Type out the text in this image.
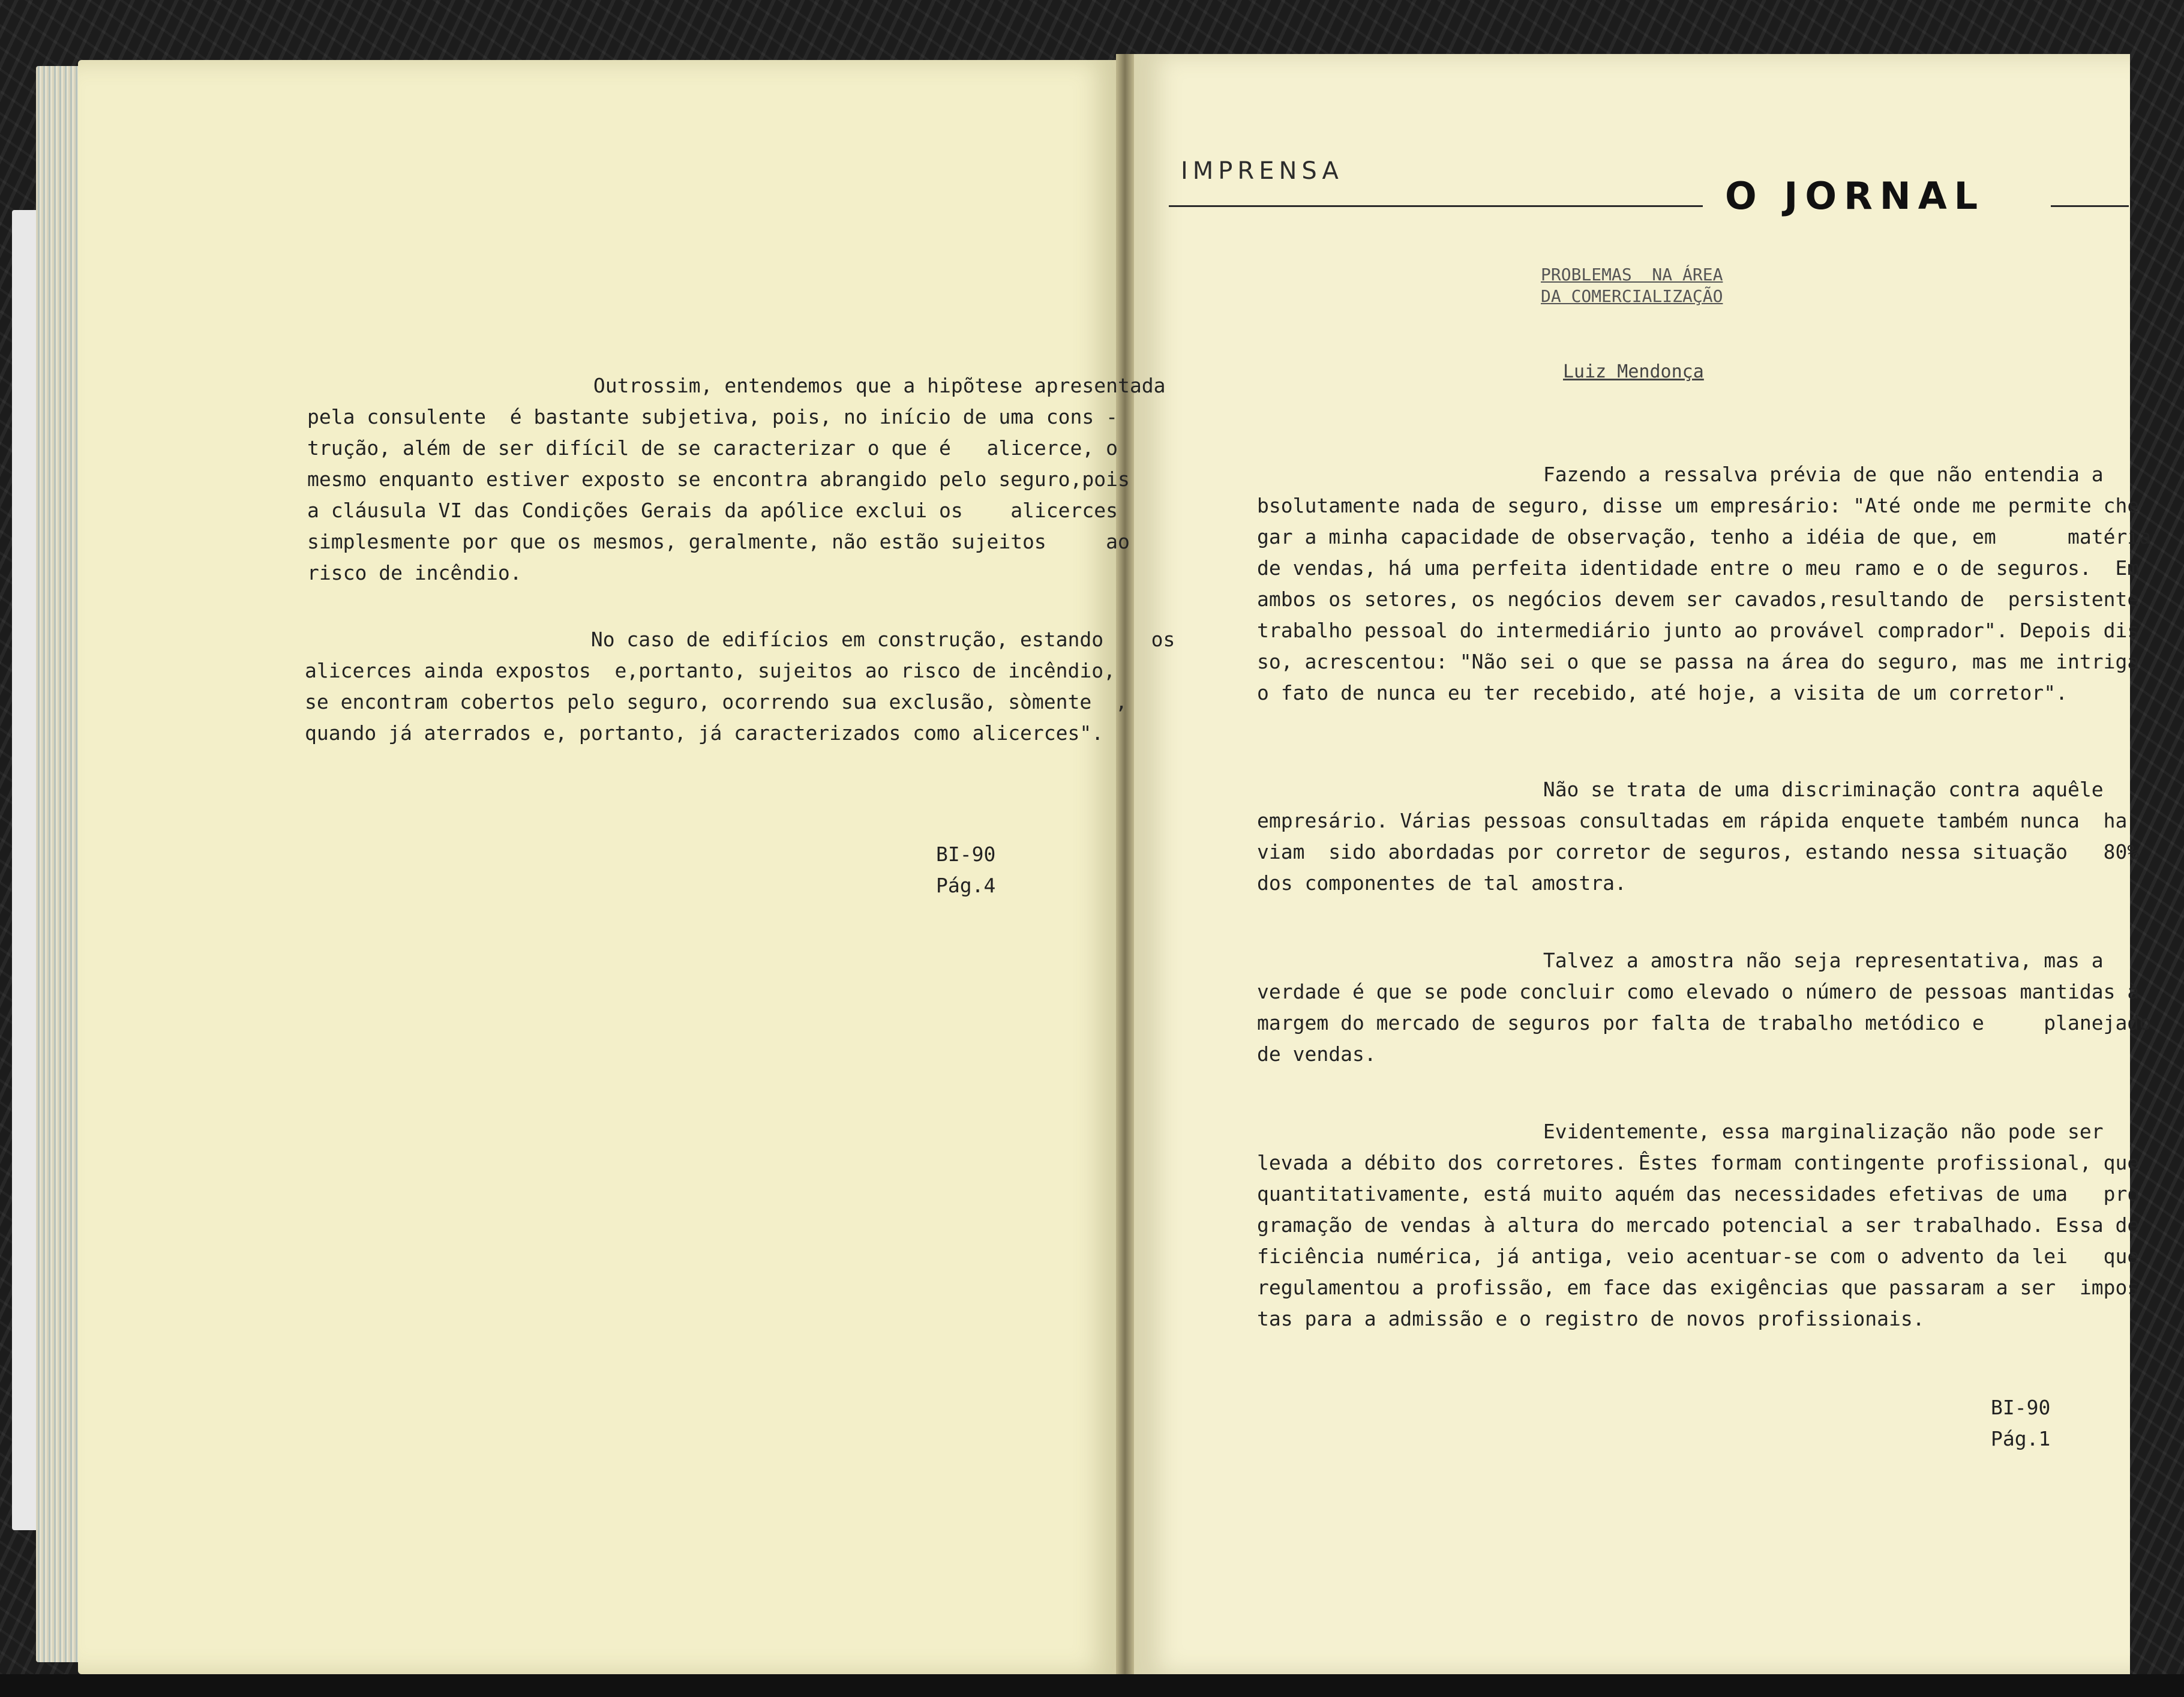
Outrossim, entendemos que a hipõtese apresentada
pela consulente  é bastante subjetiva, pois, no início de uma cons -
trução, além de ser difícil de se caracterizar o que é   alicerce, o
mesmo enquanto estiver exposto se encontra abrangido pelo seguro,pois
a cláusula VI das Condições Gerais da apólice exclui os    alicerces
simplesmente por que os mesmos, geralmente, não estão sujeitos     ao
risco de incêndio.
No caso de edifícios em construção, estando    os
alicerces ainda expostos  e,portanto, sujeitos ao risco de incêndio,
se encontram cobertos pelo seguro, ocorrendo sua exclusão, sòmente  ,
quando já aterrados e, portanto, já caracterizados como alicerces".
BI-90
Pág.4
IMPRENSA
O JORNAL
PROBLEMAS  NA ÁREA
DA COMERCIALIZAÇÃO
Luiz Mendonça
Fazendo a ressalva prévia de que não entendia a
bsolutamente nada de seguro, disse um empresário: "Até onde me permite che
gar a minha capacidade de observação, tenho a idéia de que, em      matéria
de vendas, há uma perfeita identidade entre o meu ramo e o de seguros.  Em
ambos os setores, os negócios devem ser cavados,resultando de  persistente
trabalho pessoal do intermediário junto ao provável comprador". Depois dis
so, acrescentou: "Não sei o que se passa na área do seguro, mas me intriga
o fato de nunca eu ter recebido, até hoje, a visita de um corretor".
Não se trata de uma discriminação contra aquêle
empresário. Várias pessoas consultadas em rápida enquete também nunca  ha
viam  sido abordadas por corretor de seguros, estando nessa situação   80%
dos componentes de tal amostra.
Talvez a amostra não seja representativa, mas a
verdade é que se pode concluir como elevado o número de pessoas mantidas à
margem do mercado de seguros por falta de trabalho metódico e     planejado
de vendas.
Evidentemente, essa marginalização não pode ser
levada a débito dos corretores. Êstes formam contingente profissional, que
quantitativamente, está muito aquém das necessidades efetivas de uma   pro
gramação de vendas à altura do mercado potencial a ser trabalhado. Essa de
ficiência numérica, já antiga, veio acentuar-se com o advento da lei   que
regulamentou a profissão, em face das exigências que passaram a ser  impos
tas para a admissão e o registro de novos profissionais.
BI-90
Pág.1
